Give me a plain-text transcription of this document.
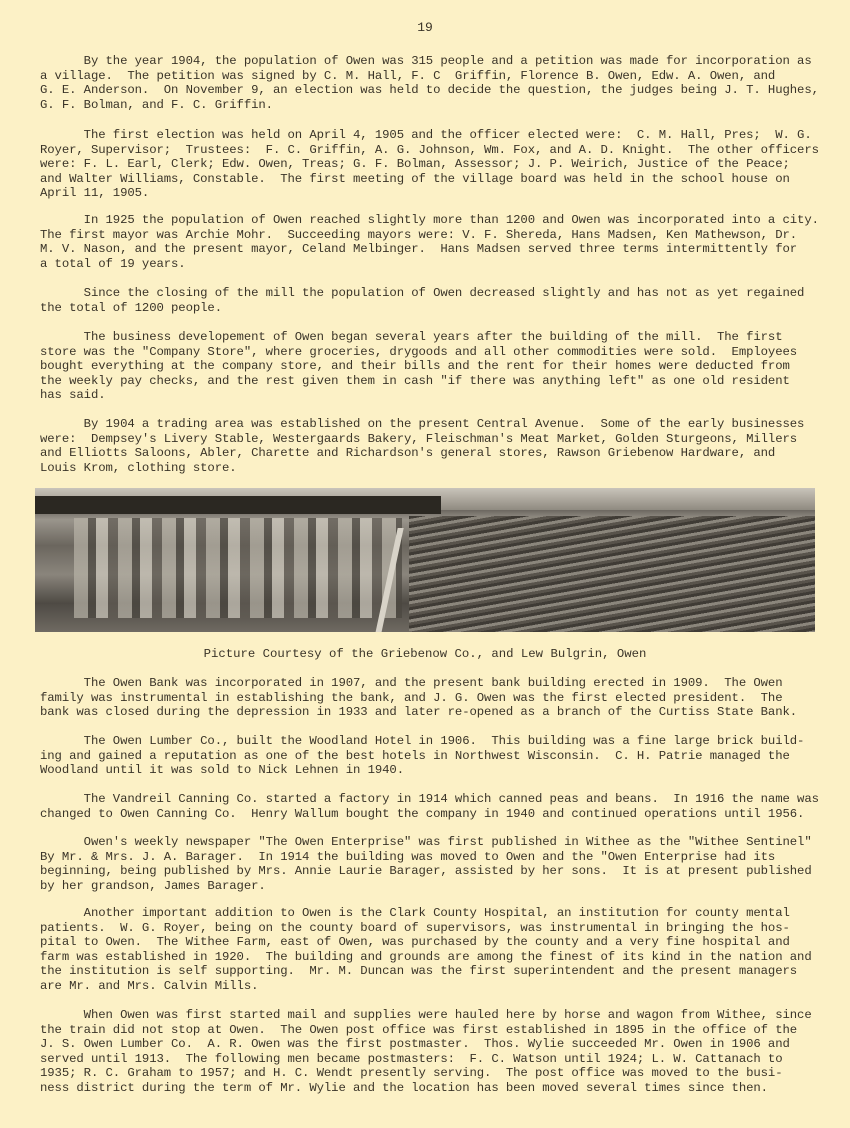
19
By the year 1904, the population of Owen was 315 people and a petition was made for incorporation as
a village.  The petition was signed by C. M. Hall, F. C  Griffin, Florence B. Owen, Edw. A. Owen, and
G. E. Anderson.  On November 9, an election was held to decide the question, the judges being J. T. Hughes,
G. F. Bolman, and F. C. Griffin.
The first election was held on April 4, 1905 and the officer elected were:  C. M. Hall, Pres;  W. G.
Royer, Supervisor;  Trustees:  F. C. Griffin, A. G. Johnson, Wm. Fox, and A. D. Knight.  The other officers
were: F. L. Earl, Clerk; Edw. Owen, Treas; G. F. Bolman, Assessor; J. P. Weirich, Justice of the Peace;
and Walter Williams, Constable.  The first meeting of the village board was held in the school house on
April 11, 1905.
In 1925 the population of Owen reached slightly more than 1200 and Owen was incorporated into a city.
The first mayor was Archie Mohr.  Succeeding mayors were: V. F. Shereda, Hans Madsen, Ken Mathewson, Dr.
M. V. Nason, and the present mayor, Celand Melbinger.  Hans Madsen served three terms intermittently for
a total of 19 years.
Since the closing of the mill the population of Owen decreased slightly and has not as yet regained
the total of 1200 people.
The business developement of Owen began several years after the building of the mill.  The first
store was the "Company Store", where groceries, drygoods and all other commodities were sold.  Employees
bought everything at the company store, and their bills and the rent for their homes were deducted from
the weekly pay checks, and the rest given them in cash "if there was anything left" as one old resident
has said.
By 1904 a trading area was established on the present Central Avenue.  Some of the early businesses
were:  Dempsey's Livery Stable, Westergaards Bakery, Fleischman's Meat Market, Golden Sturgeons, Millers
and Elliotts Saloons, Abler, Charette and Richardson's general stores, Rawson Griebenow Hardware, and
Louis Krom, clothing store.
The Owen Bank was incorporated in 1907, and the present bank building erected in 1909.  The Owen
family was instrumental in establishing the bank, and J. G. Owen was the first elected president.  The
bank was closed during the depression in 1933 and later re-opened as a branch of the Curtiss State Bank.
The Owen Lumber Co., built the Woodland Hotel in 1906.  This building was a fine large brick build-
ing and gained a reputation as one of the best hotels in Northwest Wisconsin.  C. H. Patrie managed the
Woodland until it was sold to Nick Lehnen in 1940.
The Vandreil Canning Co. started a factory in 1914 which canned peas and beans.  In 1916 the name was
changed to Owen Canning Co.  Henry Wallum bought the company in 1940 and continued operations until 1956.
Owen's weekly newspaper "The Owen Enterprise" was first published in Withee as the "Withee Sentinel"
By Mr. & Mrs. J. A. Barager.  In 1914 the building was moved to Owen and the "Owen Enterprise had its
beginning, being published by Mrs. Annie Laurie Barager, assisted by her sons.  It is at present published
by her grandson, James Barager.
Another important addition to Owen is the Clark County Hospital, an institution for county mental
patients.  W. G. Royer, being on the county board of supervisors, was instrumental in bringing the hos-
pital to Owen.  The Withee Farm, east of Owen, was purchased by the county and a very fine hospital and
farm was established in 1920.  The building and grounds are among the finest of its kind in the nation and
the institution is self supporting.  Mr. M. Duncan was the first superintendent and the present managers
are Mr. and Mrs. Calvin Mills.
When Owen was first started mail and supplies were hauled here by horse and wagon from Withee, since
the train did not stop at Owen.  The Owen post office was first established in 1895 in the office of the
J. S. Owen Lumber Co.  A. R. Owen was the first postmaster.  Thos. Wylie succeeded Mr. Owen in 1906 and
served until 1913.  The following men became postmasters:  F. C. Watson until 1924; L. W. Cattanach to
1935; R. C. Graham to 1957; and H. C. Wendt presently serving.  The post office was moved to the busi-
ness district during the term of Mr. Wylie and the location has been moved several times since then.
Picture Courtesy of the Griebenow Co., and Lew Bulgrin, Owen
